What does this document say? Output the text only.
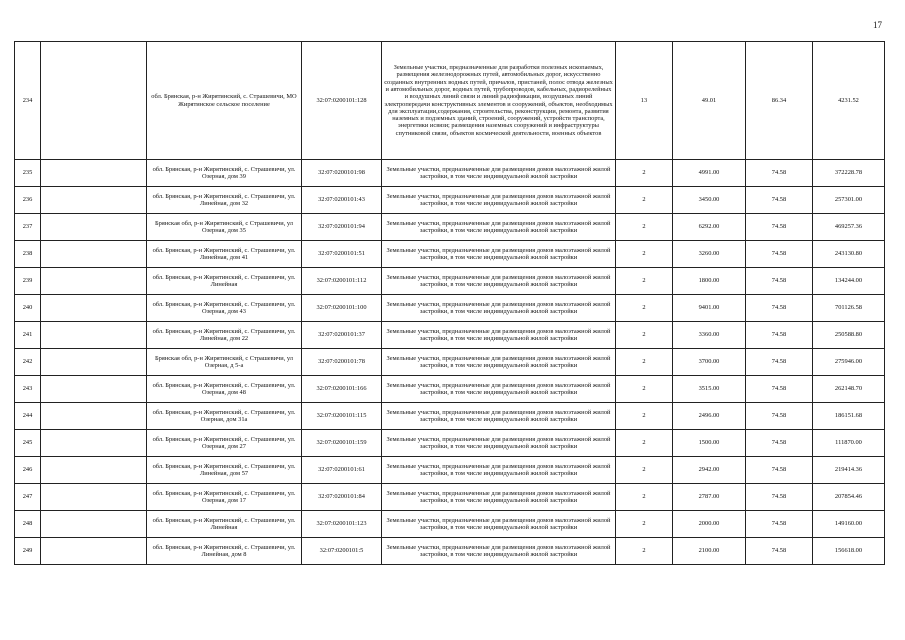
17
234		обл. Брянская, р-н Жирятинский, с. Страшевичи, МО Жирятинское сельское поселение	32:07:0200101:128	Земельные участки, предназначенные для разработки полезных ископаемых, размещения железнодорожных путей, автомобильных дорог, искусственно созданных внутренних водных путей, причалов, пристаней, полос отвода железных и автомобильных дорог, водных путей, трубопроводов, кабельных, радиорелейных и воздушных линий связи и линий радиофикации, воздушных линий электропередачи конструктивных элементов и сооружений, объектов, необходимых для эксплуатации,содержания, строительства, реконструкции, ремонта, развития наземных и подземных зданий, строений, сооружений, устройств транспорта, энергетики исвязи; размещения наземных сооружений и инфраструктуры спутниковой связи, объектов космической деятельности, военных объектов	13	49.01	86.34	4231.52
235		обл. Брянская, р-н Жирятинский, с. Страшевичи, ул. Озерная, дом 39	32:07:0200101:98	Земельные участки, предназначенные для размещения домов малоэтажной жилой застройки, в том числе индивидуальной жилой застройки	2	4991.00	74.58	372228.78
236		обл. Брянская, р-н Жирятинский, с. Страшевичи, ул. Линейная, дом 32	32:07:0200101:43	Земельные участки, предназначенные для размещения домов малоэтажной жилой застройки, в том числе индивидуальной жилой застройки	2	3450.00	74.58	257301.00
237		Брянская обл, р-н Жирятинский, с Страшевичи, ул Озерная, дом 35	32:07:0200101:94	Земельные участки, предназначенные для размещения домов малоэтажной жилой застройки, в том числе индивидуальной жилой застройки	2	6292.00	74.58	469257.36
238		обл. Брянская, р-н Жирятинский, с. Страшевичи, ул. Линейная, дом 41	32:07:0200101:51	Земельные участки, предназначенные для размещения домов малоэтажной жилой застройки, в том числе индивидуальной жилой застройки	2	3260.00	74.58	243130.80
239		обл. Брянская, р-н Жирятинский, с. Страшевичи, ул. Линейная	32:07:0200101:112	Земельные участки, предназначенные для размещения домов малоэтажной жилой застройки, в том числе индивидуальной жилой застройки	2	1800.00	74.58	134244.00
240		обл. Брянская, р-н Жирятинский, с. Страшевичи, ул. Озерная, дом 43	32:07:0200101:100	Земельные участки, предназначенные для размещения домов малоэтажной жилой застройки, в том числе индивидуальной жилой застройки	2	9401.00	74.58	701126.58
241		обл. Брянская, р-н Жирятинский, с. Страшевичи, ул. Линейная, дом 22	32:07:0200101:37	Земельные участки, предназначенные для размещения домов малоэтажной жилой застройки, в том числе индивидуальной жилой застройки	2	3360.00	74.58	250588.80
242		Брянская обл, р-н Жирятинский, с Страшевичи, ул Озерная, д 5-а	32:07:0200101:78	Земельные участки, предназначенные для размещения домов малоэтажной жилой застройки, в том числе индивидуальной жилой застройки	2	3700.00	74.58	275946.00
243		обл. Брянская, р-н Жирятинский, с. Страшевичи, ул. Озерная, дом 48	32:07:0200101:166	Земельные участки, предназначенные для размещения домов малоэтажной жилой застройки, в том числе индивидуальной жилой застройки	2	3515.00	74.58	262148.70
244		обл. Брянская, р-н Жирятинский, с. Страшевичи, ул. Озерная, дом 31а	32:07:0200101:115	Земельные участки, предназначенные для размещения домов малоэтажной жилой застройки, в том числе индивидуальной жилой застройки	2	2496.00	74.58	186151.68
245		обл. Брянская, р-н Жирятинский, с. Страшевичи, ул. Озерная, дом 27	32:07:0200101:159	Земельные участки, предназначенные для размещения домов малоэтажной жилой застройки, в том числе индивидуальной жилой застройки	2	1500.00	74.58	111870.00
246		обл. Брянская, р-н Жирятинский, с. Страшевичи, ул. Линейная, дом 57	32:07:0200101:61	Земельные участки, предназначенные для размещения домов малоэтажной жилой застройки, в том числе индивидуальной жилой застройки	2	2942.00	74.58	219414.36
247		обл. Брянская, р-н Жирятинский, с. Страшевичи, ул. Озерная, дом 17	32:07:0200101:84	Земельные участки, предназначенные для размещения домов малоэтажной жилой застройки, в том числе индивидуальной жилой застройки	2	2787.00	74.58	207854.46
248		обл. Брянская, р-н Жирятинский, с. Страшевичи, ул. Линейная	32:07:0200101:123	Земельные участки, предназначенные для размещения домов малоэтажной жилой застройки, в том числе индивидуальной жилой застройки	2	2000.00	74.58	149160.00
249		обл. Брянская, р-н Жирятинский, с. Страшевичи, ул. Линейная, дом 8	32:07:0200101:5	Земельные участки, предназначенные для размещения домов малоэтажной жилой застройки, в том числе индивидуальной жилой застройки	2	2100.00	74.58	156618.00
